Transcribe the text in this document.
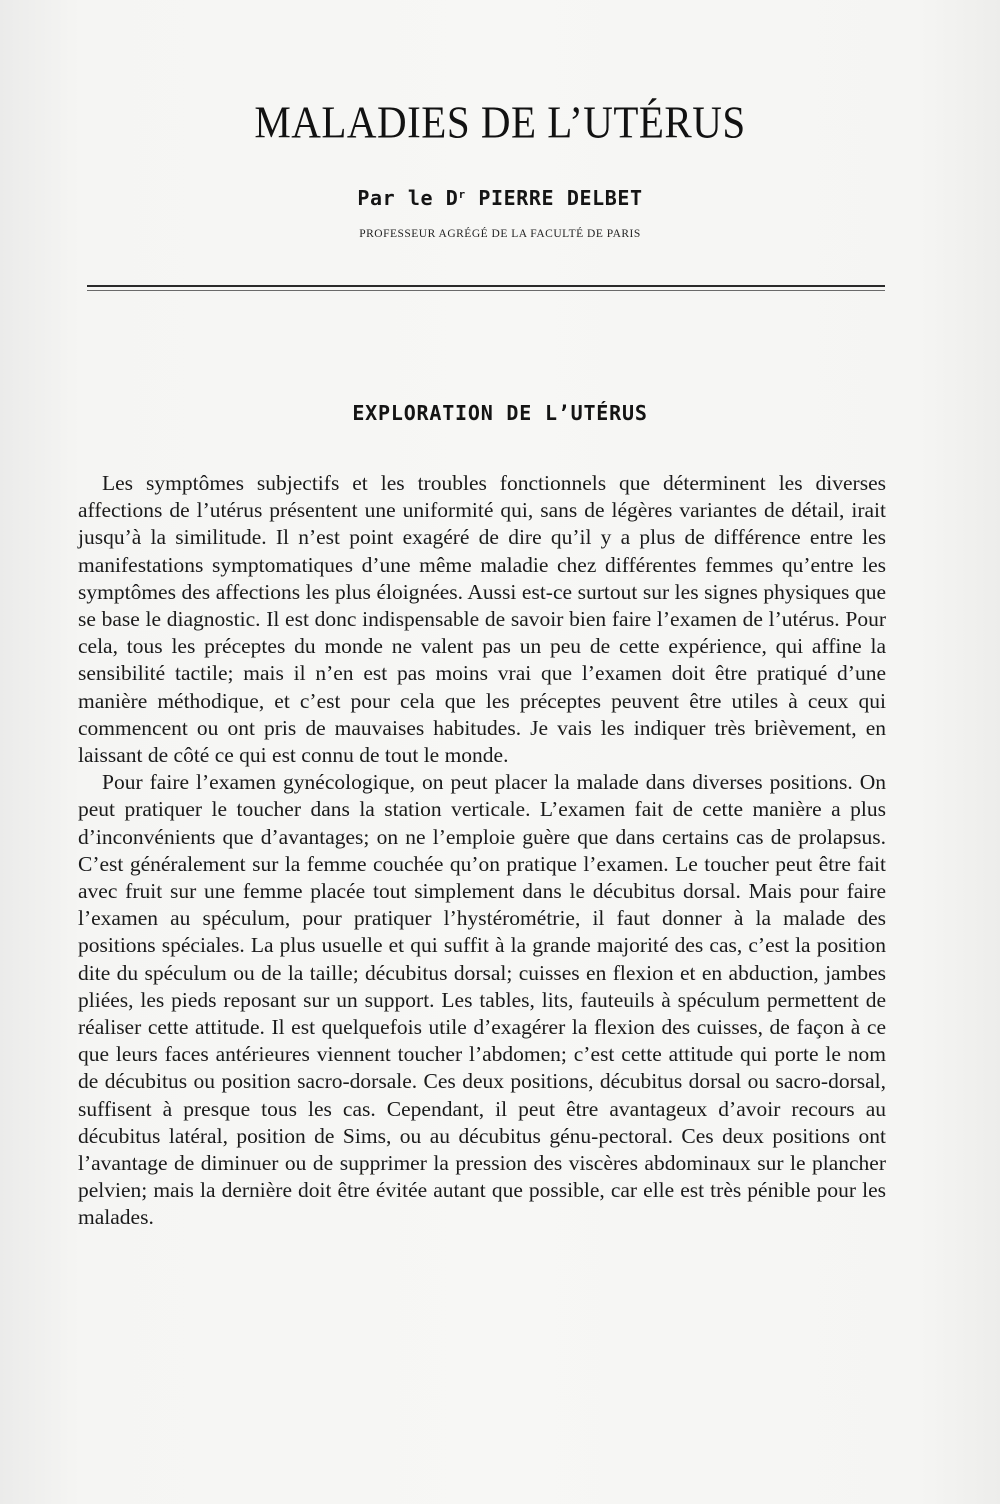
MALADIES DE L’UTÉRUS

Par le $D^r$ PIERRE DELBET

PROFESSEUR AGRÉGÉ DE LA FACULTÉ DE PARIS

EXPLORATION DE L’UTÉRUS

Les symptômes subjectifs et les troubles fonctionnels que déterminent les diverses affections de l’utérus présentent une uniformité qui, sans de légères variantes de détail, irait jusqu’à la similitude. Il n’est point exagéré de dire qu’il y a plus de différence entre les manifestations symptomatiques d’une même maladie chez différentes femmes qu’entre les symptômes des affections les plus éloignées. Aussi est-ce surtout sur les signes physiques que se base le diagnostic. Il est donc indispensable de savoir bien faire l’examen de l’utérus. Pour cela, tous les préceptes du monde ne valent pas un peu de cette expérience, qui affine la sensibilité tactile; mais il n’en est pas moins vrai que l’examen doit être pratiqué d’une manière méthodique, et c’est pour cela que les préceptes peuvent être utiles à ceux qui commencent ou ont pris de mauvaises habitudes. Je vais les indiquer très brièvement, en laissant de côté ce qui est connu de tout le monde.

Pour faire l’examen gynécologique, on peut placer la malade dans diverses positions. On peut pratiquer le toucher dans la station verticale. L’examen fait de cette manière a plus d’inconvénients que d’avantages; on ne l’emploie guère que dans certains cas de prolapsus. C’est généralement sur la femme couchée qu’on pratique l’examen. Le toucher peut être fait avec fruit sur une femme placée tout simplement dans le décubitus dorsal. Mais pour faire l’examen au spéculum, pour pratiquer l’hystérométrie, il faut donner à la malade des positions spéciales. La plus usuelle et qui suffit à la grande majorité des cas, c’est la position dite du spéculum ou de la taille; décubitus dorsal; cuisses en flexion et en abduction, jambes pliées, les pieds reposant sur un support. Les tables, lits, fauteuils à spéculum permettent de réaliser cette attitude. Il est quelquefois utile d’exagérer la flexion des cuisses, de façon à ce que leurs faces antérieures viennent toucher l’abdomen; c’est cette attitude qui porte le nom de décubitus ou position sacro-dorsale. Ces deux positions, décubitus dorsal ou sacro-dorsal, suffisent à presque tous les cas. Cependant, il peut être avantageux d’avoir recours au décubitus latéral, position de Sims, ou au décubitus génu-pectoral. Ces deux positions ont l’avantage de diminuer ou de supprimer la pression des viscères abdominaux sur le plancher pelvien; mais la dernière doit être évitée autant que possible, car elle est très pénible pour les malades.
